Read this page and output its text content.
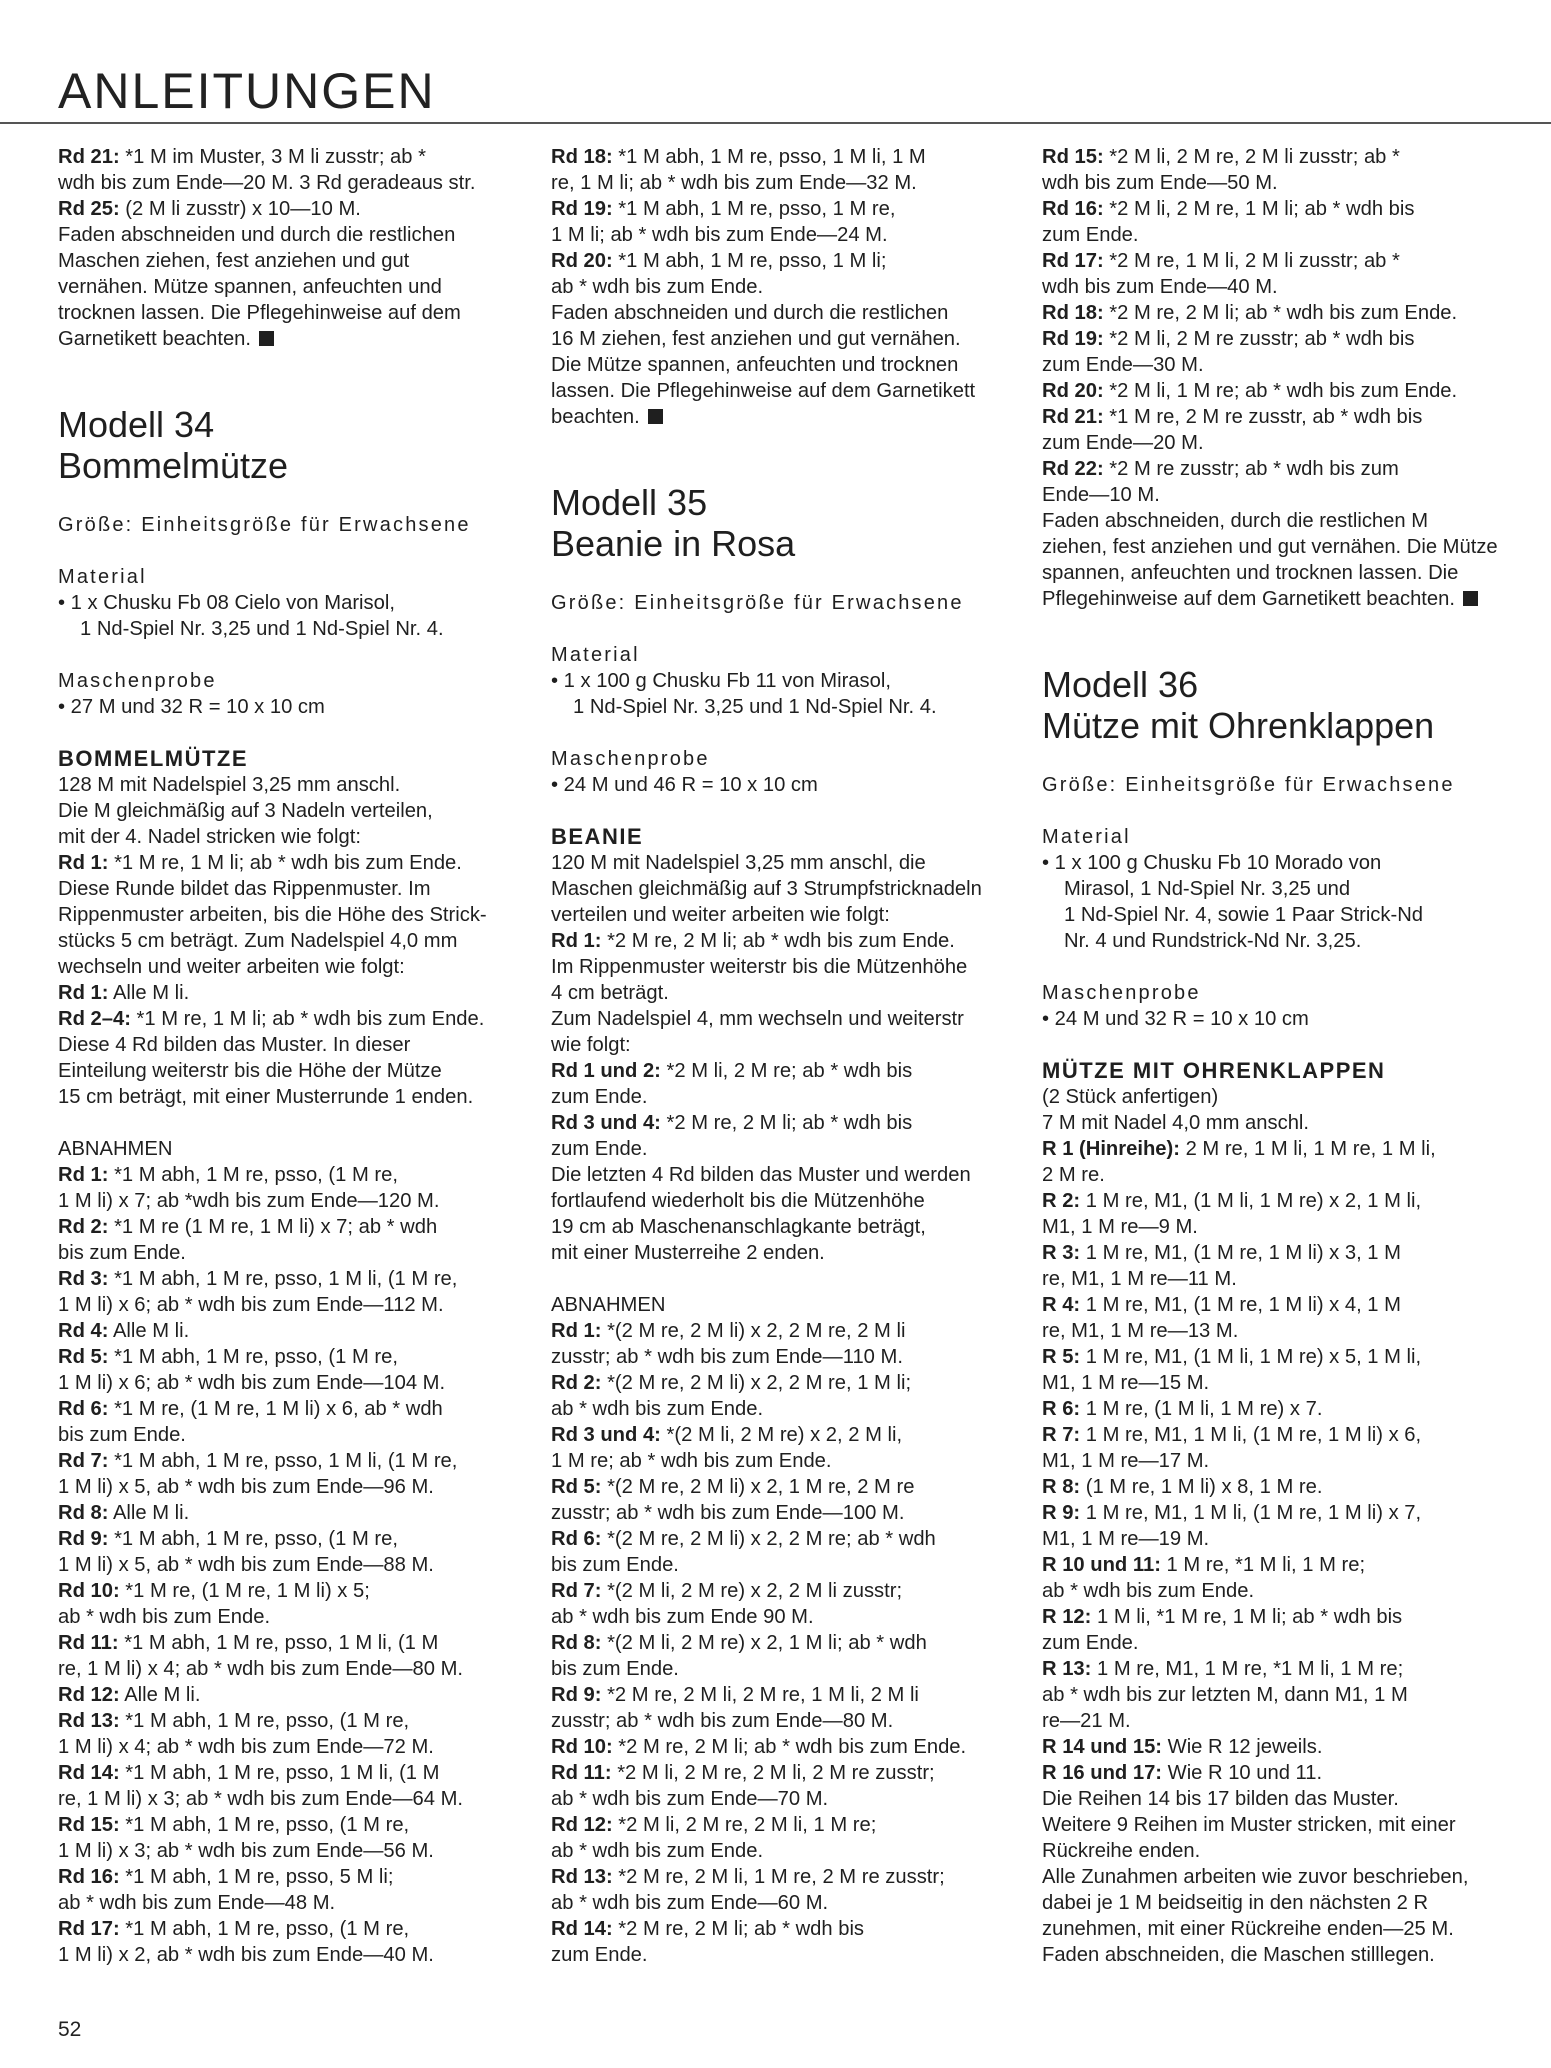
ANLEITUNGEN
Rd 21: *1 M im Muster, 3 M li zusstr; ab *
wdh bis zum Ende—20 M. 3 Rd geradeaus str.
Rd 25: (2 M li zusstr) x 10—10 M.
Faden abschneiden und durch die restlichen
Maschen ziehen, fest anziehen und gut
vernähen. Mütze spannen, anfeuchten und
trocknen lassen. Die Pflegehinweise auf dem
Garnetikett beachten.
Modell 34
Bommelmütze
Größe: Einheitsgröße für Erwachsene
Material
• 1 x Chusku Fb 08 Cielo von Marisol,
1 Nd-Spiel Nr. 3,25 und 1 Nd-Spiel Nr. 4.
Maschenprobe
• 27 M und 32 R = 10 x 10 cm
BOMMELMÜTZE
128 M mit Nadelspiel 3,25 mm anschl.
Die M gleichmäßig auf 3 Nadeln verteilen,
mit der 4. Nadel stricken wie folgt:
Rd 1: *1 M re, 1 M li; ab * wdh bis zum Ende.
Diese Runde bildet das Rippenmuster. Im
Rippenmuster arbeiten, bis die Höhe des Strick-
stücks 5 cm beträgt. Zum Nadelspiel 4,0 mm
wechseln und weiter arbeiten wie folgt:
Rd 1: Alle M li.
Rd 2–4: *1 M re, 1 M li; ab * wdh bis zum Ende.
Diese 4 Rd bilden das Muster. In dieser
Einteilung weiterstr bis die Höhe der Mütze
15 cm beträgt, mit einer Musterrunde 1 enden.
ABNAHMEN
Rd 1: *1 M abh, 1 M re, psso, (1 M re,
1 M li) x 7; ab *wdh bis zum Ende—120 M.
Rd 2: *1 M re (1 M re, 1 M li) x 7; ab * wdh
bis zum Ende.
Rd 3: *1 M abh, 1 M re, psso, 1 M li, (1 M re,
1 M li) x 6; ab * wdh bis zum Ende—112 M.
Rd 4: Alle M li.
Rd 5: *1 M abh, 1 M re, psso, (1 M re,
1 M li) x 6; ab * wdh bis zum Ende—104 M.
Rd 6: *1 M re, (1 M re, 1 M li) x 6, ab * wdh
bis zum Ende.
Rd 7: *1 M abh, 1 M re, psso, 1 M li, (1 M re,
1 M li) x 5, ab * wdh bis zum Ende—96 M.
Rd 8: Alle M li.
Rd 9: *1 M abh, 1 M re, psso, (1 M re,
1 M li) x 5, ab * wdh bis zum Ende—88 M.
Rd 10: *1 M re, (1 M re, 1 M li) x 5;
ab * wdh bis zum Ende.
Rd 11: *1 M abh, 1 M re, psso, 1 M li, (1 M
re, 1 M li) x 4; ab * wdh bis zum Ende—80 M.
Rd 12: Alle M li.
Rd 13: *1 M abh, 1 M re, psso, (1 M re,
1 M li) x 4; ab * wdh bis zum Ende—72 M.
Rd 14: *1 M abh, 1 M re, psso, 1 M li, (1 M
re, 1 M li) x 3; ab * wdh bis zum Ende—64 M.
Rd 15: *1 M abh, 1 M re, psso, (1 M re,
1 M li) x 3; ab * wdh bis zum Ende—56 M.
Rd 16: *1 M abh, 1 M re, psso, 5 M li;
ab * wdh bis zum Ende—48 M.
Rd 17: *1 M abh, 1 M re, psso, (1 M re,
1 M li) x 2, ab * wdh bis zum Ende—40 M.
Rd 18: *1 M abh, 1 M re, psso, 1 M li, 1 M
re, 1 M li; ab * wdh bis zum Ende—32 M.
Rd 19: *1 M abh, 1 M re, psso, 1 M re,
1 M li; ab * wdh bis zum Ende—24 M.
Rd 20: *1 M abh, 1 M re, psso, 1 M li;
ab * wdh bis zum Ende.
Faden abschneiden und durch die restlichen
16 M ziehen, fest anziehen und gut vernähen.
Die Mütze spannen, anfeuchten und trocknen
lassen. Die Pflegehinweise auf dem Garnetikett
beachten.
Modell 35
Beanie in Rosa
Größe: Einheitsgröße für Erwachsene
Material
• 1 x 100 g Chusku Fb 11 von Mirasol,
1 Nd-Spiel Nr. 3,25 und 1 Nd-Spiel Nr. 4.
Maschenprobe
• 24 M und 46 R = 10 x 10 cm
BEANIE
120 M mit Nadelspiel 3,25 mm anschl, die
Maschen gleichmäßig auf 3 Strumpfstricknadeln
verteilen und weiter arbeiten wie folgt:
Rd 1: *2 M re, 2 M li; ab * wdh bis zum Ende.
Im Rippenmuster weiterstr bis die Mützenhöhe
4 cm beträgt.
Zum Nadelspiel 4, mm wechseln und weiterstr
wie folgt:
Rd 1 und 2: *2 M li, 2 M re; ab * wdh bis
zum Ende.
Rd 3 und 4: *2 M re, 2 M li; ab * wdh bis
zum Ende.
Die letzten 4 Rd bilden das Muster und werden
fortlaufend wiederholt bis die Mützenhöhe
19 cm ab Maschenanschlagkante beträgt,
mit einer Musterreihe 2 enden.
ABNAHMEN
Rd 1: *(2 M re, 2 M li) x 2, 2 M re, 2 M li
zusstr; ab * wdh bis zum Ende—110 M.
Rd 2: *(2 M re, 2 M li) x 2, 2 M re, 1 M li;
ab * wdh bis zum Ende.
Rd 3 und 4: *(2 M li, 2 M re) x 2, 2 M li,
1 M re; ab * wdh bis zum Ende.
Rd 5: *(2 M re, 2 M li) x 2, 1 M re, 2 M re
zusstr; ab * wdh bis zum Ende—100 M.
Rd 6: *(2 M re, 2 M li) x 2, 2 M re; ab * wdh
bis zum Ende.
Rd 7: *(2 M li, 2 M re) x 2, 2 M li zusstr;
ab * wdh bis zum Ende 90 M.
Rd 8: *(2 M li, 2 M re) x 2, 1 M li; ab * wdh
bis zum Ende.
Rd 9: *2 M re, 2 M li, 2 M re, 1 M li, 2 M li
zusstr; ab * wdh bis zum Ende—80 M.
Rd 10: *2 M re, 2 M li; ab * wdh bis zum Ende.
Rd 11: *2 M li, 2 M re, 2 M li, 2 M re zusstr;
ab * wdh bis zum Ende—70 M.
Rd 12: *2 M li, 2 M re, 2 M li, 1 M re;
ab * wdh bis zum Ende.
Rd 13: *2 M re, 2 M li, 1 M re, 2 M re zusstr;
ab * wdh bis zum Ende—60 M.
Rd 14: *2 M re, 2 M li; ab * wdh bis
zum Ende.
Rd 15: *2 M li, 2 M re, 2 M li zusstr; ab *
wdh bis zum Ende—50 M.
Rd 16: *2 M li, 2 M re, 1 M li; ab * wdh bis
zum Ende.
Rd 17: *2 M re, 1 M li, 2 M li zusstr; ab *
wdh bis zum Ende—40 M.
Rd 18: *2 M re, 2 M li; ab * wdh bis zum Ende.
Rd 19: *2 M li, 2 M re zusstr; ab * wdh bis
zum Ende—30 M.
Rd 20: *2 M li, 1 M re; ab * wdh bis zum Ende.
Rd 21: *1 M re, 2 M re zusstr, ab * wdh bis
zum Ende—20 M.
Rd 22: *2 M re zusstr; ab * wdh bis zum
Ende—10 M.
Faden abschneiden, durch die restlichen M
ziehen, fest anziehen und gut vernähen. Die Mütze
spannen, anfeuchten und trocknen lassen. Die
Pflegehinweise auf dem Garnetikett beachten.
Modell 36
Mütze mit Ohrenklappen
Größe: Einheitsgröße für Erwachsene
Material
• 1 x 100 g Chusku Fb 10 Morado von
Mirasol, 1 Nd-Spiel Nr. 3,25 und
1 Nd-Spiel Nr. 4, sowie 1 Paar Strick-Nd
Nr. 4 und Rundstrick-Nd Nr. 3,25.
Maschenprobe
• 24 M und 32 R = 10 x 10 cm
MÜTZE MIT OHRENKLAPPEN
(2 Stück anfertigen)
7 M mit Nadel 4,0 mm anschl.
R 1 (Hinreihe): 2 M re, 1 M li, 1 M re, 1 M li,
2 M re.
R 2: 1 M re, M1, (1 M li, 1 M re) x 2, 1 M li,
M1, 1 M re—9 M.
R 3: 1 M re, M1, (1 M re, 1 M li) x 3, 1 M
re, M1, 1 M re—11 M.
R 4: 1 M re, M1, (1 M re, 1 M li) x 4, 1 M
re, M1, 1 M re—13 M.
R 5: 1 M re, M1, (1 M li, 1 M re) x 5, 1 M li,
M1, 1 M re—15 M.
R 6: 1 M re, (1 M li, 1 M re) x 7.
R 7: 1 M re, M1, 1 M li, (1 M re, 1 M li) x 6,
M1, 1 M re—17 M.
R 8: (1 M re, 1 M li) x 8, 1 M re.
R 9: 1 M re, M1, 1 M li, (1 M re, 1 M li) x 7,
M1, 1 M re—19 M.
R 10 und 11: 1 M re, *1 M li, 1 M re;
ab * wdh bis zum Ende.
R 12: 1 M li, *1 M re, 1 M li; ab * wdh bis
zum Ende.
R 13: 1 M re, M1, 1 M re, *1 M li, 1 M re;
ab * wdh bis zur letzten M, dann M1, 1 M
re—21 M.
R 14 und 15: Wie R 12 jeweils.
R 16 und 17: Wie R 10 und 11.
Die Reihen 14 bis 17 bilden das Muster.
Weitere 9 Reihen im Muster stricken, mit einer
Rückreihe enden.
Alle Zunahmen arbeiten wie zuvor beschrieben,
dabei je 1 M beidseitig in den nächsten 2 R
zunehmen, mit einer Rückreihe enden—25 M.
Faden abschneiden, die Maschen stilllegen.
52
